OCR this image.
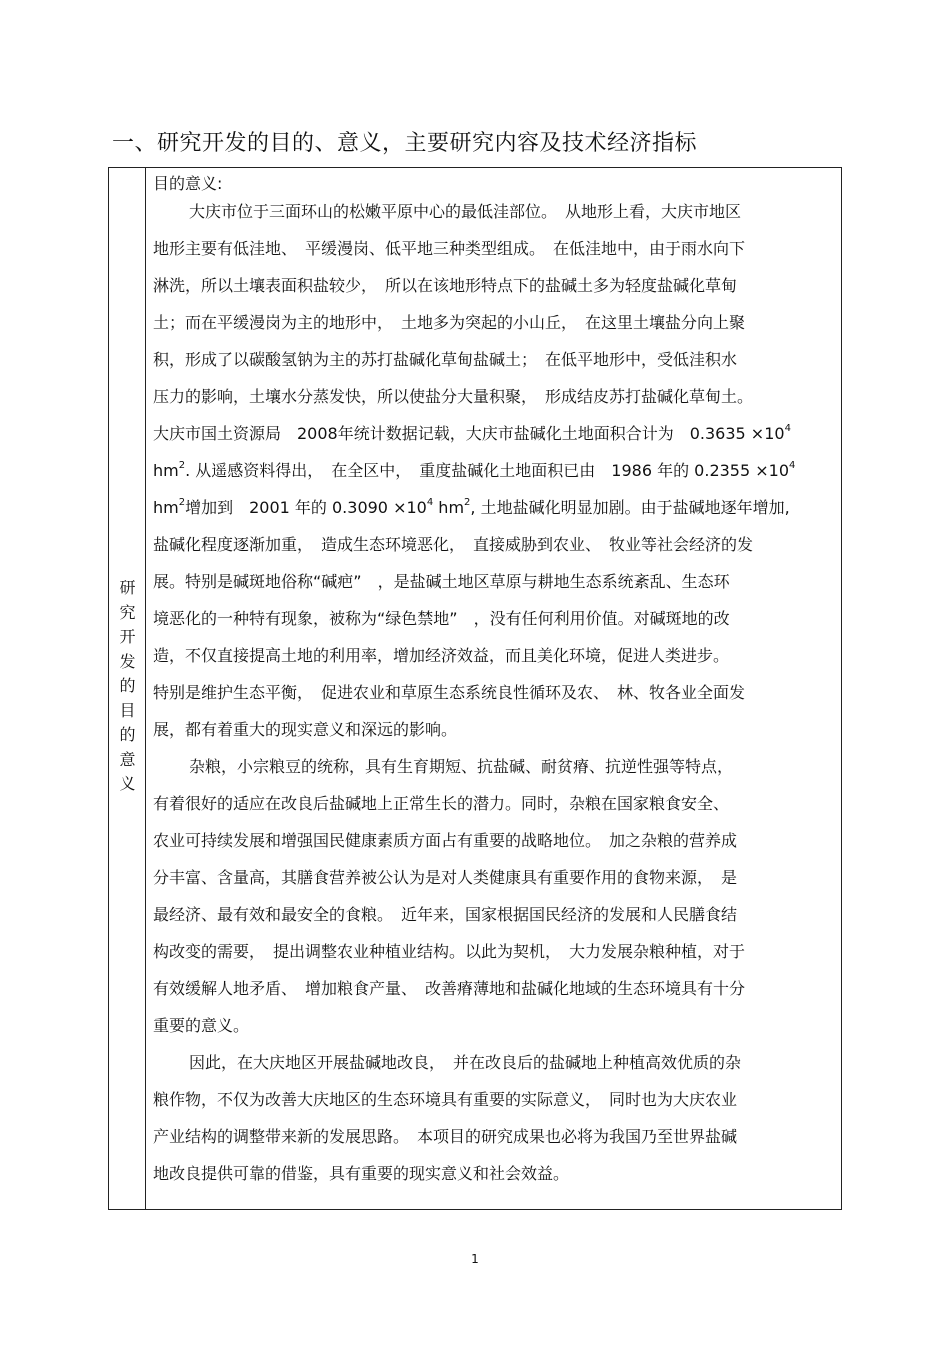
一、研究开发的目的、意义，主要研究内容及技术经济指标
研
究
开
发
的
目
的
意
义
目的意义:
大庆市位于三面环山的松嫩平原中心的最低洼部位。　从地形上看，大庆市地区
地形主要有低洼地、　平缓漫岗、低平地三种类型组成。　在低洼地中，由于雨水向下
淋洗，所以土壤表面积盐较少，　所以在该地形特点下的盐碱土多为轻度盐碱化草甸
土；而在平缓漫岗为主的地形中，　土地多为突起的小山丘，　在这里土壤盐分向上聚
积，形成了以碳酸氢钠为主的苏打盐碱化草甸盐碱土；　在低平地形中，受低洼积水
压力的影响，土壤水分蒸发快，所以使盐分大量积聚，　形成结皮苏打盐碱化草甸土。
大庆市国土资源局　2008年统计数据记载，大庆市盐碱化土地面积合计为　$0.3635 \times 10^4$
$hm^2$. 从遥感资料得出，　在全区中，　重度盐碱化土地面积已由　1986 年的 $0.2355 \times 10^4$
$hm^2$增加到　2001 年的 $0.3090 \times 10^4$ $hm^2$, 土地盐碱化明显加剧。由于盐碱地逐年增加,
盐碱化程度逐渐加重，　造成生态环境恶化，　直接威胁到农业、　牧业等社会经济的发
展。特别是碱斑地俗称“碱疤”　，是盐碱土地区草原与耕地生态系统紊乱、生态环
境恶化的一种特有现象，被称为“绿色禁地”　，没有任何利用价值。对碱斑地的改
造，不仅直接提高土地的利用率，增加经济效益，而且美化环境，促进人类进步。
特别是维护生态平衡，　促进农业和草原生态系统良性循环及农、　林、牧各业全面发
展，都有着重大的现实意义和深远的影响。
杂粮，小宗粮豆的统称，具有生育期短、抗盐碱、耐贫瘠、抗逆性强等特点，
有着很好的适应在改良后盐碱地上正常生长的潜力。同时，杂粮在国家粮食安全、
农业可持续发展和增强国民健康素质方面占有重要的战略地位。　加之杂粮的营养成
分丰富、含量高，其膳食营养被公认为是对人类健康具有重要作用的食物来源，　是
最经济、最有效和最安全的食粮。　近年来，国家根据国民经济的发展和人民膳食结
构改变的需要，　提出调整农业种植业结构。以此为契机，　大力发展杂粮种植，对于
有效缓解人地矛盾、　增加粮食产量、　改善瘠薄地和盐碱化地域的生态环境具有十分
重要的意义。
因此，在大庆地区开展盐碱地改良，　并在改良后的盐碱地上种植高效优质的杂
粮作物，不仅为改善大庆地区的生态环境具有重要的实际意义，　同时也为大庆农业
产业结构的调整带来新的发展思路。　本项目的研究成果也必将为我国乃至世界盐碱
地改良提供可靠的借鉴，具有重要的现实意义和社会效益。
1
